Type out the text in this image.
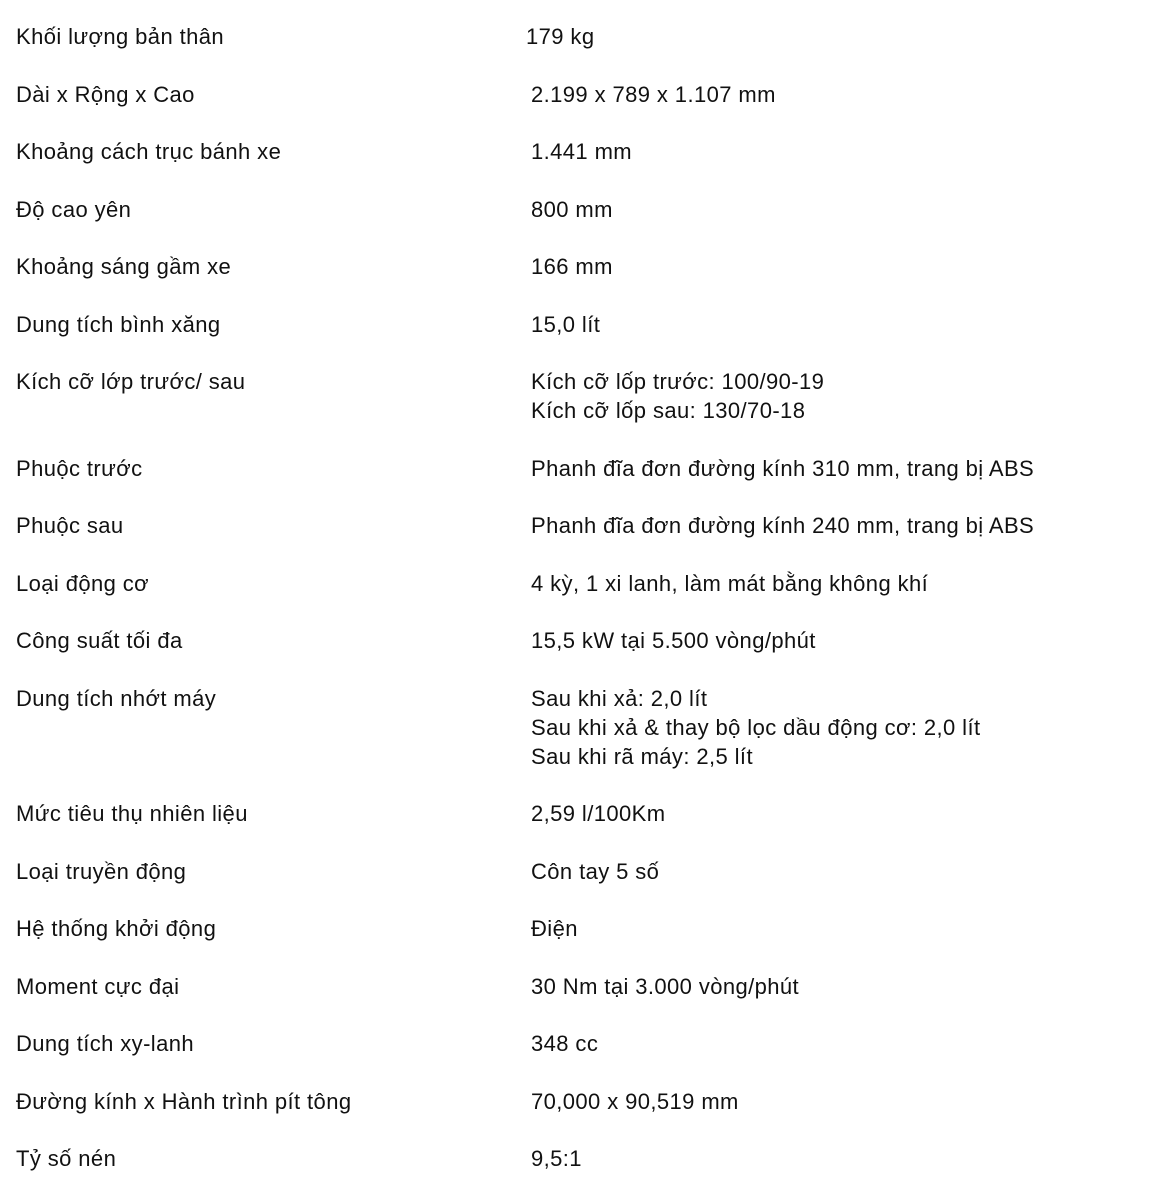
Khối lượng bản thân	179 kg
Dài x Rộng x Cao	2.199 x 789 x 1.107 mm
Khoảng cách trục bánh xe	1.441 mm
Độ cao yên	800 mm
Khoảng sáng gầm xe	166 mm
Dung tích bình xăng	15,0 lít
Kích cỡ lớp trước/ sau	Kích cỡ lốp trước: 100/90-19
Kích cỡ lốp sau: 130/70-18
Phuộc trước	Phanh đĩa đơn đường kính 310 mm, trang bị ABS
Phuộc sau	Phanh đĩa đơn đường kính 240 mm, trang bị ABS
Loại động cơ	4 kỳ, 1 xi lanh, làm mát bằng không khí
Công suất tối đa	15,5 kW tại 5.500 vòng/phút
Dung tích nhớt máy	Sau khi xả: 2,0 lít
Sau khi xả & thay bộ lọc dầu động cơ: 2,0 lít
Sau khi rã máy: 2,5 lít
Mức tiêu thụ nhiên liệu	2,59 l/100Km
Loại truyền động	Côn tay 5 số
Hệ thống khởi động	Điện
Moment cực đại	30 Nm tại 3.000 vòng/phút
Dung tích xy-lanh	348 cc
Đường kính x Hành trình pít tông	70,000 x 90,519 mm
Tỷ số nén	9,5:1
